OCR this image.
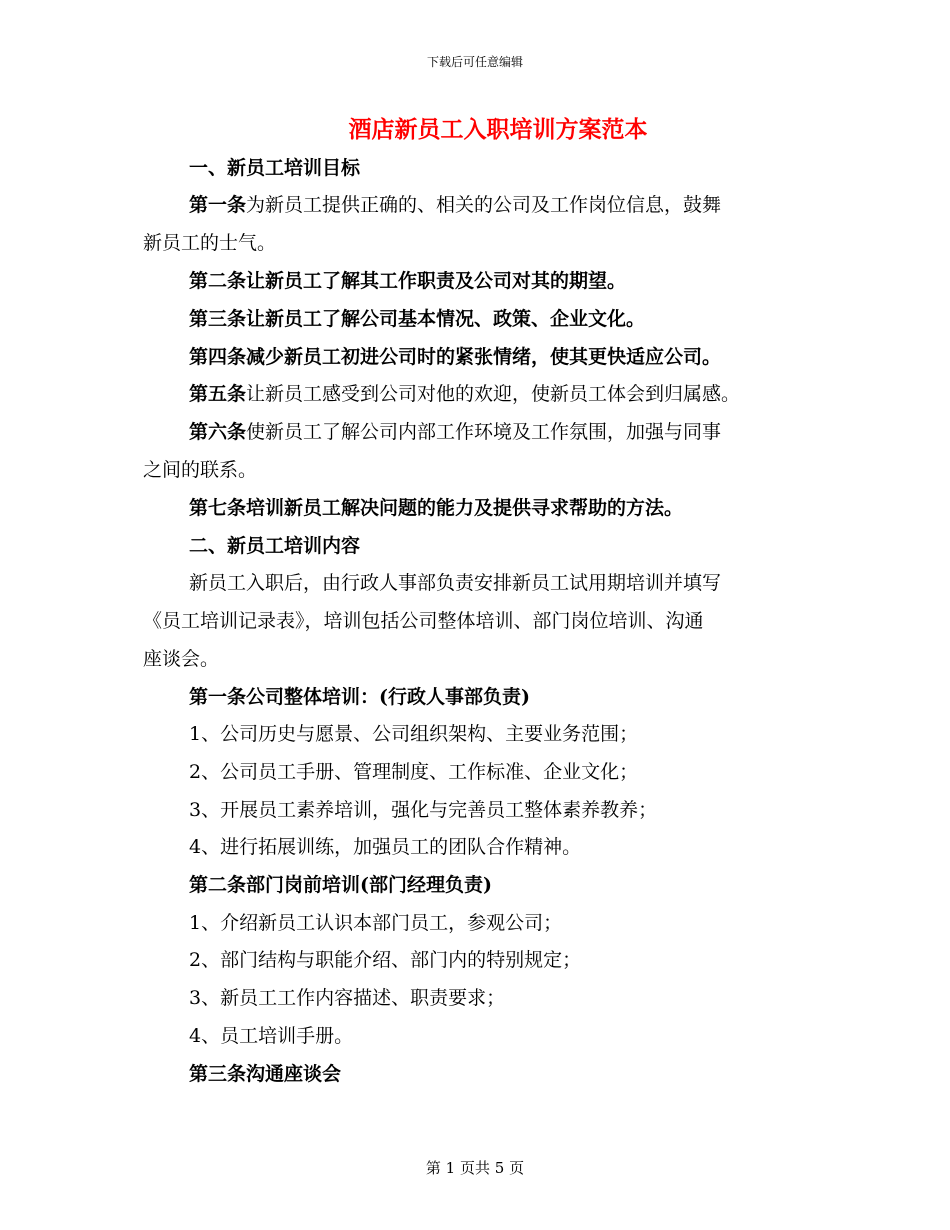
下载后可任意编辑
酒店新员工入职培训方案范本
一、新员工培训目标
第一条为新员工提供正确的、相关的公司及工作岗位信息，鼓舞
新员工的士气。
第二条让新员工了解其工作职责及公司对其的期望。
第三条让新员工了解公司基本情况、政策、企业文化。
第四条减少新员工初进公司时的紧张情绪，使其更快适应公司。
第五条让新员工感受到公司对他的欢迎，使新员工体会到归属感。
第六条使新员工了解公司内部工作环境及工作氛围，加强与同事
之间的联系。
第七条培训新员工解决问题的能力及提供寻求帮助的方法。
二、新员工培训内容
新员工入职后，由行政人事部负责安排新员工试用期培训并填写
《员工培训记录表》，培训包括公司整体培训、部门岗位培训、沟通
座谈会。
第一条公司整体培训：(行政人事部负责)
1、公司历史与愿景、公司组织架构、主要业务范围；
2、公司员工手册、管理制度、工作标准、企业文化；
3、开展员工素养培训，强化与完善员工整体素养教养；
4、进行拓展训练，加强员工的团队合作精神。
第二条部门岗前培训(部门经理负责)
1、介绍新员工认识本部门员工，参观公司；
2、部门结构与职能介绍、部门内的特别规定；
3、新员工工作内容描述、职责要求；
4、员工培训手册。
第三条沟通座谈会
第 1 页共 5 页
